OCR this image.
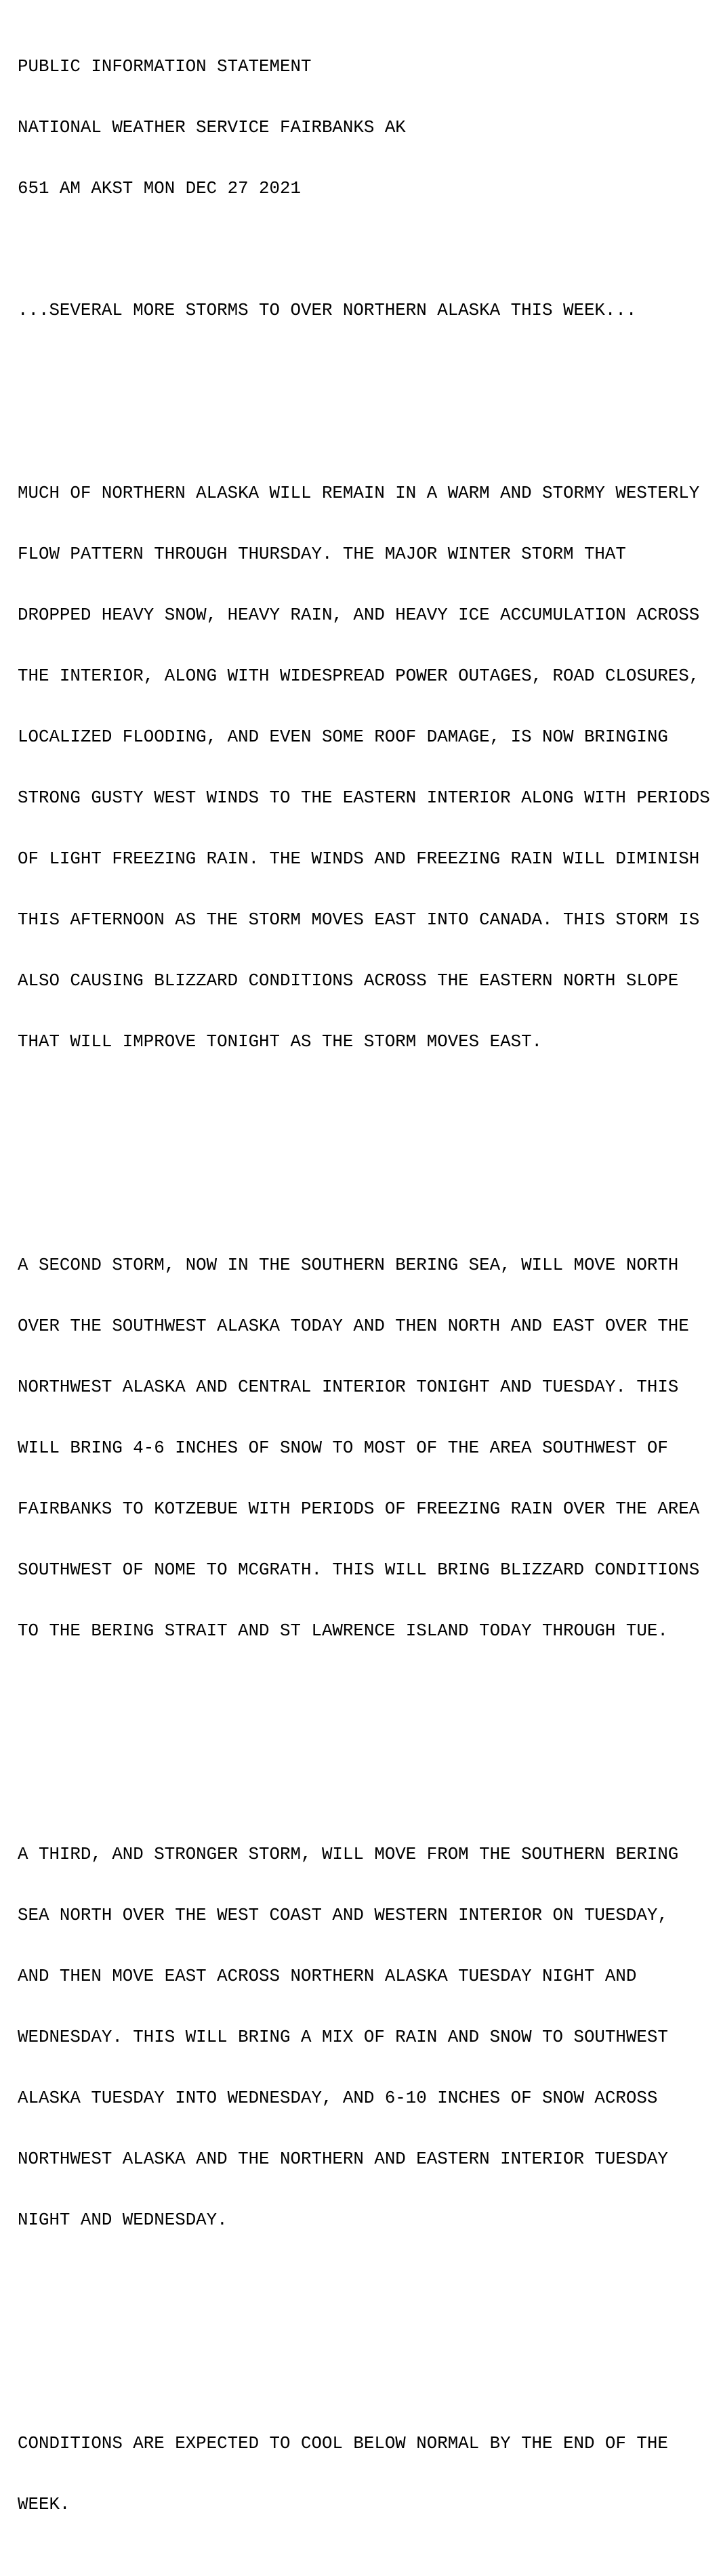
PUBLIC INFORMATION STATEMENT

NATIONAL WEATHER SERVICE FAIRBANKS AK

651 AM AKST MON DEC 27 2021

...SEVERAL MORE STORMS TO OVER NORTHERN ALASKA THIS WEEK...

MUCH OF NORTHERN ALASKA WILL REMAIN IN A WARM AND STORMY WESTERLY

FLOW PATTERN THROUGH THURSDAY. THE MAJOR WINTER STORM THAT

DROPPED HEAVY SNOW, HEAVY RAIN, AND HEAVY ICE ACCUMULATION ACROSS

THE INTERIOR, ALONG WITH WIDESPREAD POWER OUTAGES, ROAD CLOSURES,

LOCALIZED FLOODING, AND EVEN SOME ROOF DAMAGE, IS NOW BRINGING

STRONG GUSTY WEST WINDS TO THE EASTERN INTERIOR ALONG WITH PERIODS

OF LIGHT FREEZING RAIN. THE WINDS AND FREEZING RAIN WILL DIMINISH

THIS AFTERNOON AS THE STORM MOVES EAST INTO CANADA. THIS STORM IS

ALSO CAUSING BLIZZARD CONDITIONS ACROSS THE EASTERN NORTH SLOPE

THAT WILL IMPROVE TONIGHT AS THE STORM MOVES EAST.

A SECOND STORM, NOW IN THE SOUTHERN BERING SEA, WILL MOVE NORTH

OVER THE SOUTHWEST ALASKA TODAY AND THEN NORTH AND EAST OVER THE

NORTHWEST ALASKA AND CENTRAL INTERIOR TONIGHT AND TUESDAY. THIS

WILL BRING 4-6 INCHES OF SNOW TO MOST OF THE AREA SOUTHWEST OF

FAIRBANKS TO KOTZEBUE WITH PERIODS OF FREEZING RAIN OVER THE AREA

SOUTHWEST OF NOME TO MCGRATH. THIS WILL BRING BLIZZARD CONDITIONS

TO THE BERING STRAIT AND ST LAWRENCE ISLAND TODAY THROUGH TUE.

A THIRD, AND STRONGER STORM, WILL MOVE FROM THE SOUTHERN BERING

SEA NORTH OVER THE WEST COAST AND WESTERN INTERIOR ON TUESDAY,

AND THEN MOVE EAST ACROSS NORTHERN ALASKA TUESDAY NIGHT AND

WEDNESDAY. THIS WILL BRING A MIX OF RAIN AND SNOW TO SOUTHWEST

ALASKA TUESDAY INTO WEDNESDAY, AND 6-10 INCHES OF SNOW ACROSS

NORTHWEST ALASKA AND THE NORTHERN AND EASTERN INTERIOR TUESDAY

NIGHT AND WEDNESDAY.

CONDITIONS ARE EXPECTED TO COOL BELOW NORMAL BY THE END OF THE

WEEK.
